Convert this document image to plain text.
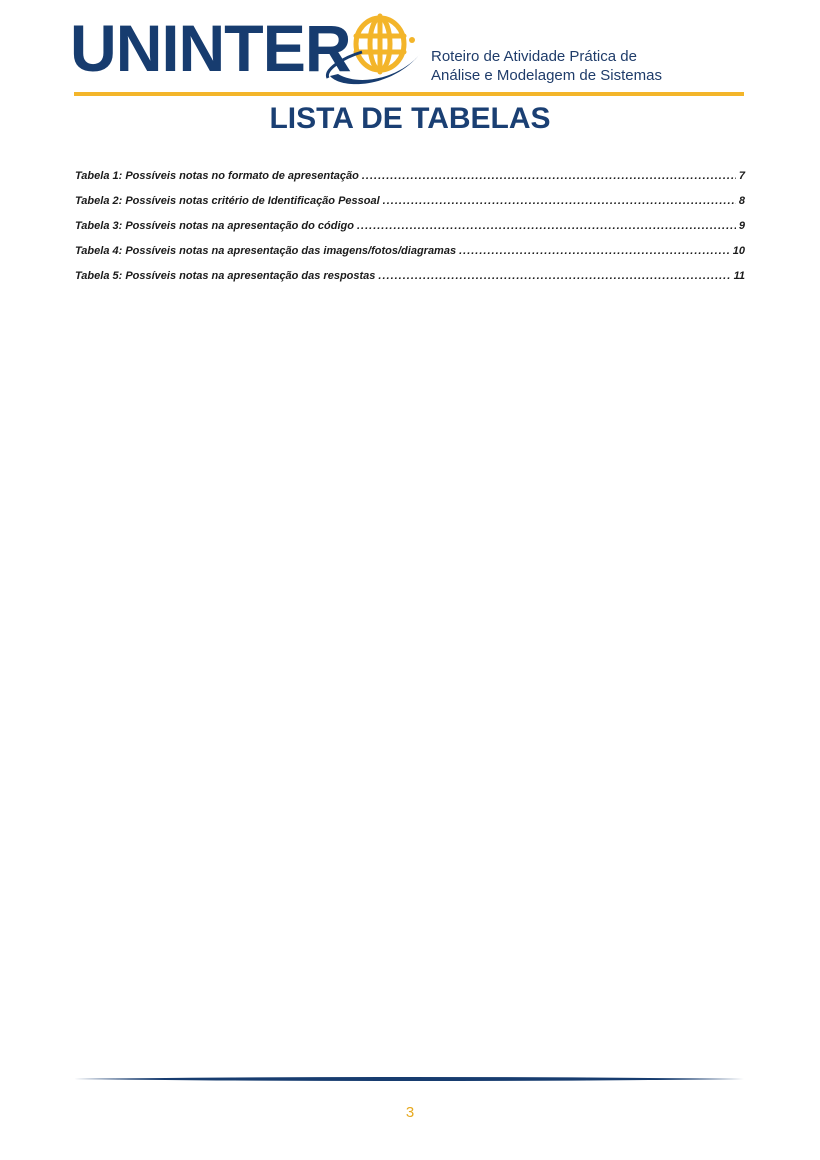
UNINTER	Roteiro de Atividade Prática de
Análise e Modelagem de Sistemas
LISTA DE TABELAS
Tabela 1: Possíveis notas no formato de apresentação .....	7
Tabela 2: Possíveis notas critério de Identificação Pessoal .....	8
Tabela 3: Possíveis notas na apresentação do código .....	9
Tabela 4: Possíveis notas na apresentação das imagens/fotos/diagramas .....	10
Tabela 5: Possíveis notas na apresentação das respostas .....	11
3
